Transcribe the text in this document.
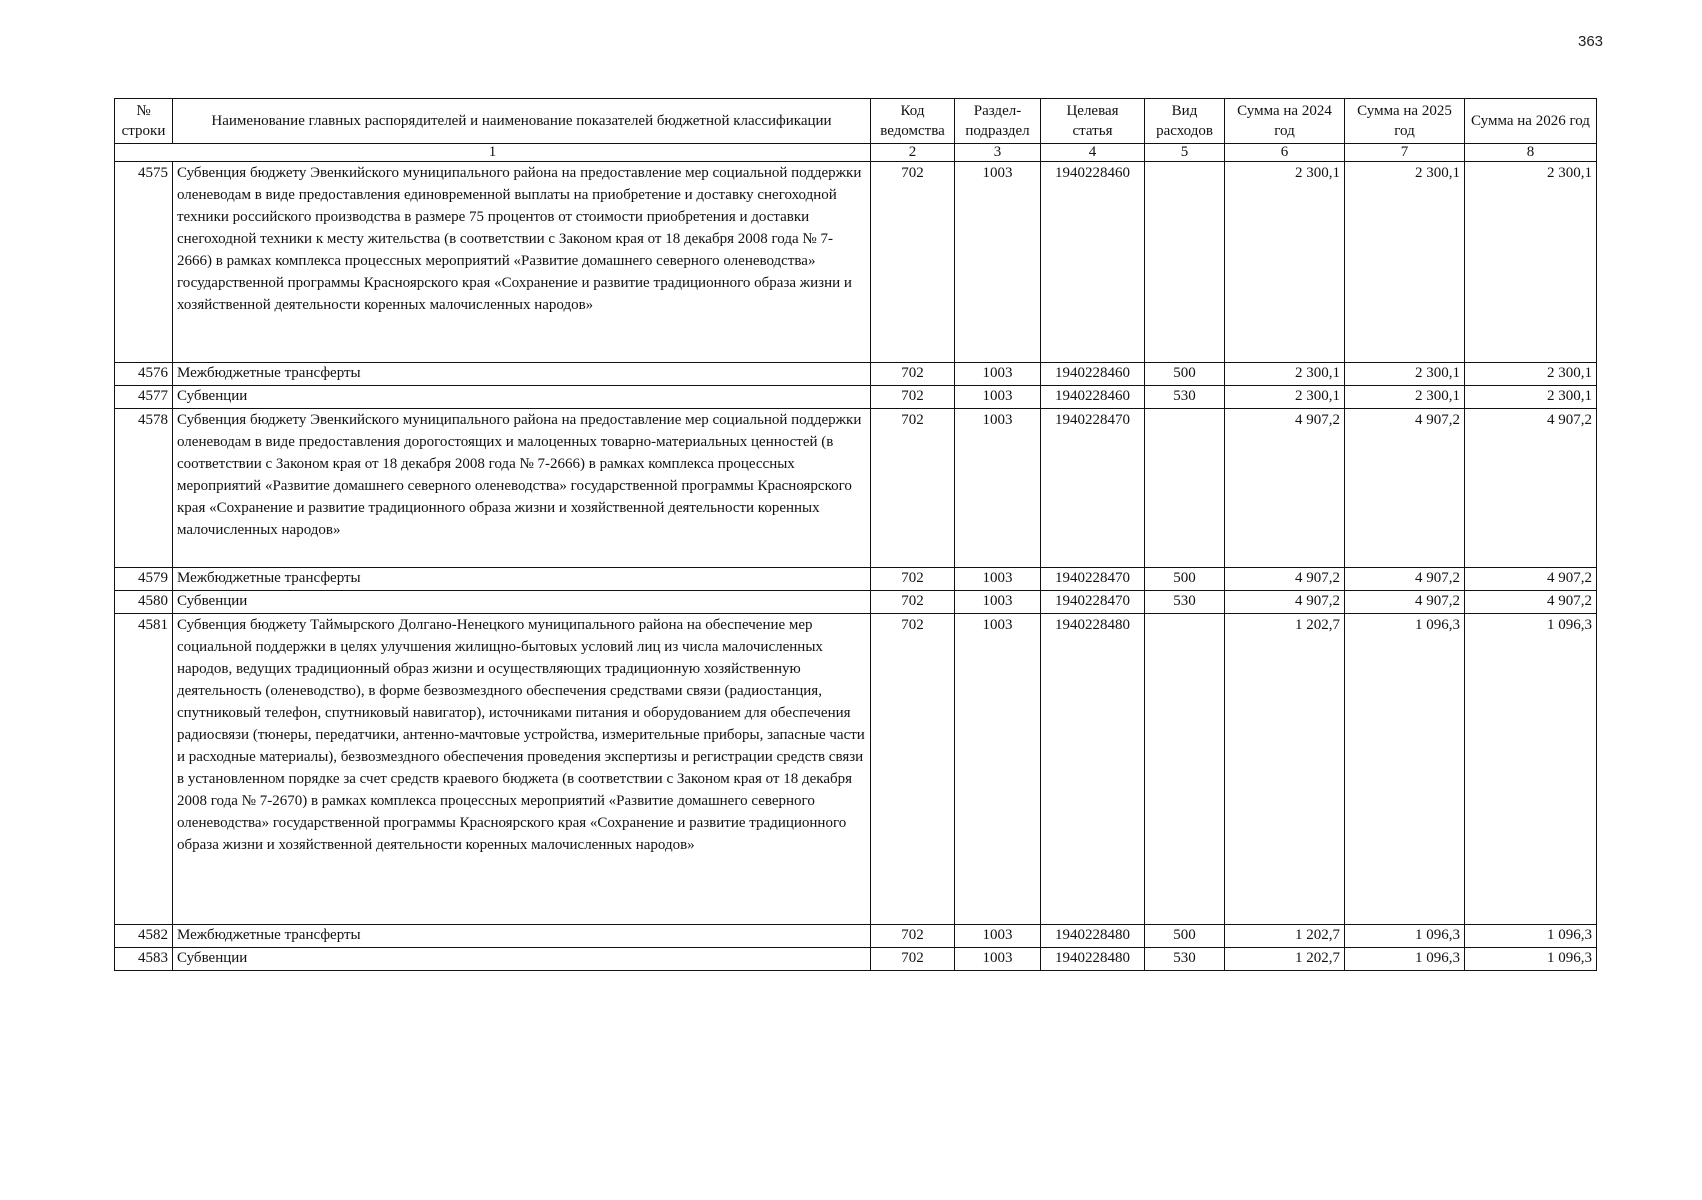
363
№ строки	Наименование главных распорядителей и наименование показателей бюджетной классификации	Код ведомства	Раздел-подраздел	Целевая статья	Вид расходов	Сумма на 2024 год	Сумма на 2025 год	Сумма на 2026 год
1		2	3	4	5	6	7	8
4575	Субвенция бюджету Эвенкийского муниципального района на предоставление мер социальной поддержки оленеводам в виде предоставления единовременной выплаты на приобретение и доставку снегоходной техники российского производства в размере 75 процентов от стоимости приобретения и доставки снегоходной техники к месту жительства (в соответствии с Законом края от 18 декабря 2008 года № 7-2666) в рамках комплекса процессных мероприятий «Развитие домашнего северного оленеводства» государственной программы Красноярского края «Сохранение и развитие традиционного образа жизни и хозяйственной деятельности коренных малочисленных народов»	702	1003	1940228460		2 300,1	2 300,1	2 300,1
4576	Межбюджетные трансферты	702	1003	1940228460	500	2 300,1	2 300,1	2 300,1
4577	Субвенции	702	1003	1940228460	530	2 300,1	2 300,1	2 300,1
4578	Субвенция бюджету Эвенкийского муниципального района на предоставление мер социальной поддержки оленеводам в виде предоставления дорогостоящих и малоценных товарно-материальных ценностей (в соответствии с Законом края от 18 декабря 2008 года № 7-2666) в рамках комплекса процессных мероприятий «Развитие домашнего северного оленеводства» государственной программы Красноярского края «Сохранение и развитие традиционного образа жизни и хозяйственной деятельности коренных малочисленных народов»	702	1003	1940228470		4 907,2	4 907,2	4 907,2
4579	Межбюджетные трансферты	702	1003	1940228470	500	4 907,2	4 907,2	4 907,2
4580	Субвенции	702	1003	1940228470	530	4 907,2	4 907,2	4 907,2
4581	Субвенция бюджету Таймырского Долгано-Ненецкого муниципального района на обеспечение мер социальной поддержки в целях улучшения жилищно-бытовых условий лиц из числа малочисленных народов, ведущих традиционный образ жизни и осуществляющих традиционную хозяйственную деятельность (оленеводство), в форме безвозмездного обеспечения средствами связи (радиостанция, спутниковый телефон, спутниковый навигатор), источниками питания и оборудованием для обеспечения радиосвязи (тюнеры, передатчики, антенно-мачтовые устройства, измерительные приборы, запасные части и расходные материалы), безвозмездного обеспечения проведения экспертизы и регистрации средств связи в установленном порядке за счет средств краевого бюджета (в соответствии с Законом края от 18 декабря 2008 года № 7-2670) в рамках комплекса процессных мероприятий «Развитие домашнего северного оленеводства» государственной программы Красноярского края «Сохранение и развитие традиционного образа жизни и хозяйственной деятельности коренных малочисленных народов»	702	1003	1940228480		1 202,7	1 096,3	1 096,3
4582	Межбюджетные трансферты	702	1003	1940228480	500	1 202,7	1 096,3	1 096,3
4583	Субвенции	702	1003	1940228480	530	1 202,7	1 096,3	1 096,3
